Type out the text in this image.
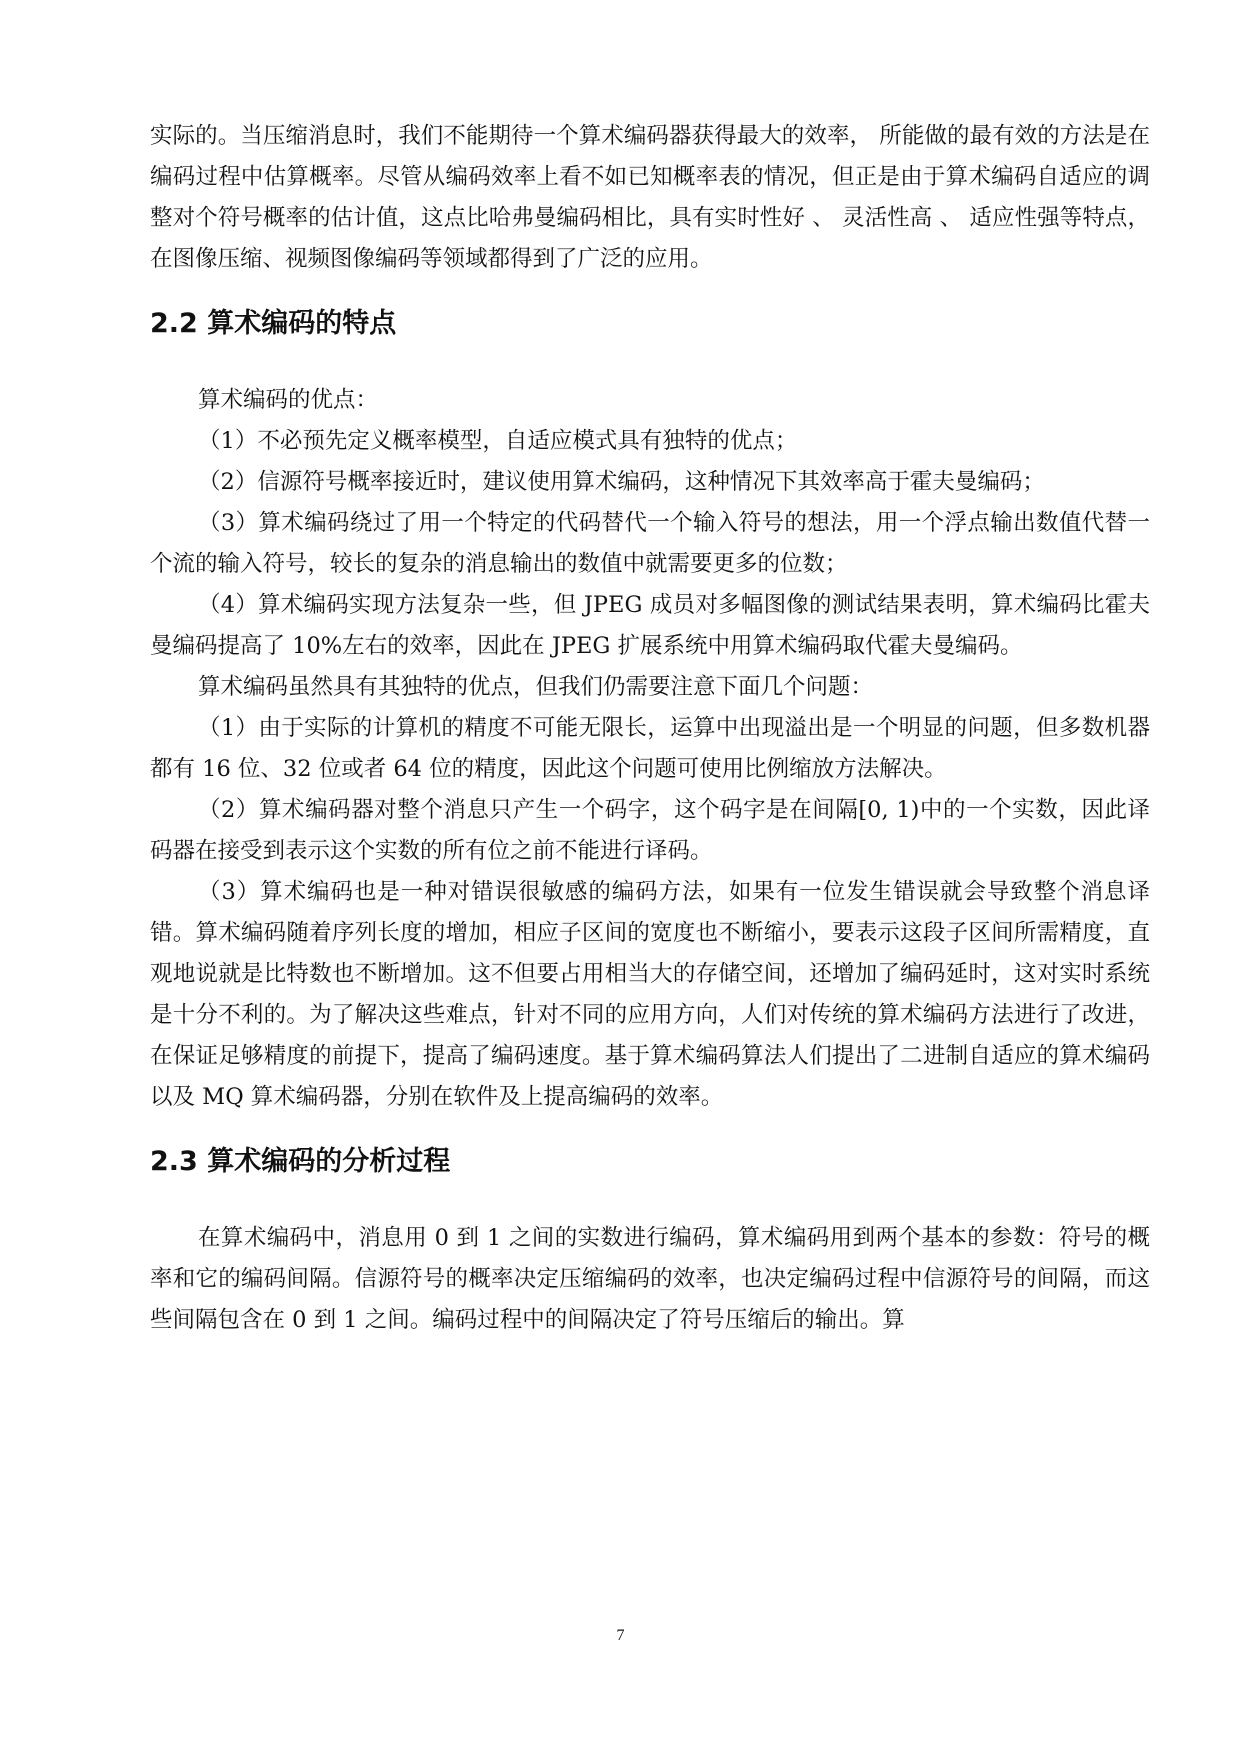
实际的。当压缩消息时，我们不能期待一个算术编码器获得最大的效率， 所能做的最有效的方法是在编码过程中估算概率。尽管从编码效率上看不如已知概率表的情况，但正是由于算术编码自适应的调整对个符号概率的估计值，这点比哈弗曼编码相比，具有实时性好 、 灵活性高 、 适应性强等特点，在图像压缩、视频图像编码等领域都得到了广泛的应用。

2.2 算术编码的特点

算术编码的优点：

（1）不必预先定义概率模型，自适应模式具有独特的优点；

（2）信源符号概率接近时，建议使用算术编码，这种情况下其效率高于霍夫曼编码；

（3）算术编码绕过了用一个特定的代码替代一个输入符号的想法，用一个浮点输出数值代替一个流的输入符号，较长的复杂的消息输出的数值中就需要更多的位数；

（4）算术编码实现方法复杂一些，但 JPEG 成员对多幅图像的测试结果表明，算术编码比霍夫曼编码提高了 10%左右的效率，因此在 JPEG 扩展系统中用算术编码取代霍夫曼编码。

算术编码虽然具有其独特的优点，但我们仍需要注意下面几个问题：

（1）由于实际的计算机的精度不可能无限长，运算中出现溢出是一个明显的问题，但多数机器都有 16 位、32 位或者 64 位的精度，因此这个问题可使用比例缩放方法解决。

（2）算术编码器对整个消息只产生一个码字，这个码字是在间隔[0, 1)中的一个实数，因此译码器在接受到表示这个实数的所有位之前不能进行译码。

（3）算术编码也是一种对错误很敏感的编码方法，如果有一位发生错误就会导致整个消息译错。算术编码随着序列长度的增加，相应子区间的宽度也不断缩小，要表示这段子区间所需精度，直观地说就是比特数也不断增加。这不但要占用相当大的存储空间，还增加了编码延时，这对实时系统是十分不利的。为了解决这些难点，针对不同的应用方向，人们对传统的算术编码方法进行了改进，在保证足够精度的前提下，提高了编码速度。基于算术编码算法人们提出了二进制自适应的算术编码以及 MQ 算术编码器，分别在软件及上提高编码的效率。

2.3 算术编码的分析过程

在算术编码中，消息用 0 到 1 之间的实数进行编码，算术编码用到两个基本的参数：符号的概率和它的编码间隔。信源符号的概率决定压缩编码的效率，也决定编码过程中信源符号的间隔，而这些间隔包含在 0 到 1 之间。编码过程中的间隔决定了符号压缩后的输出。算

7
